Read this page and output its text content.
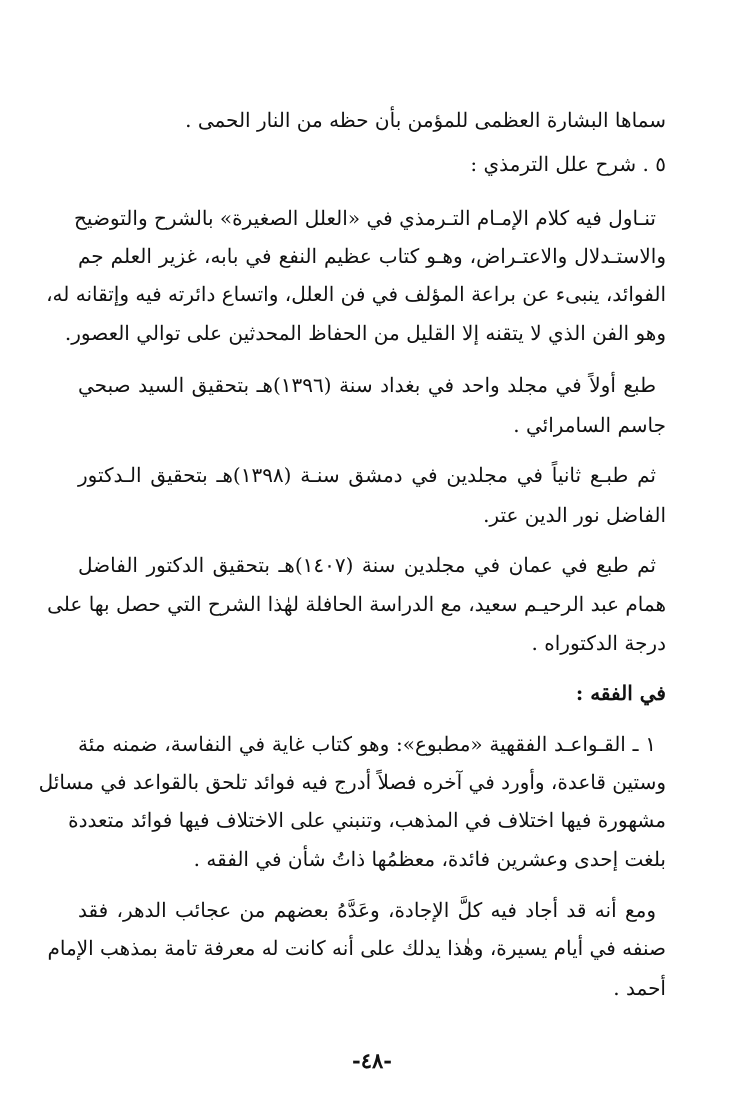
سماها البشارة العظمى للمؤمن بأن حظه من النار الحمى .
٥ . شرح علل الترمذي :
تنـاول فيه كلام الإمـام التـرمذي في «العلل الصغيرة» بالشرح والتوضيح
والاستـدلال والاعتـراض، وهـو كتاب عظيم النفع في بابه، غزير العلم جم
الفوائد، ينبىء عن براعة المؤلف في فن العلل، واتساع دائرته فيه وإتقانه له،
وهو الفن الذي لا يتقنه إلا القليل من الحفاظ المحدثين على توالي العصور.
طبع أولاً في مجلد واحد في بغداد سنة (١٣٩٦)هـ بتحقيق السيد صبحي
جاسم السامرائي .
ثم طبـع ثانياً في مجلدين في دمشق سنـة (١٣٩٨)هـ بتحقيق الـدكتور
الفاضل نور الدين عتر.
ثم طبع في عمان في مجلدين سنة (١٤٠٧)هـ بتحقيق الدكتور الفاضل
همام عبد الرحيـم سعيد، مع الدراسة الحافلة لهٰذا الشرح التي حصل بها على
درجة الدكتوراه .
في الفقه :
١ ـ القـواعـد الفقهية «مطبوع»: وهو كتاب غاية في النفاسة، ضمنه مئة
وستين قاعدة، وأورد في آخره فصلاً أدرج فيه فوائد تلحق بالقواعد في مسائل
مشهورة فيها اختلاف في المذهب، وتنبني على الاختلاف فيها فوائد متعددة
بلغت إحدى وعشرين فائدة، معظمُها ذاتُ شأن في الفقه .
ومع أنه قد أجاد فيه كلَّ الإجادة، وعَدَّهُ بعضهم من عجائب الدهر، فقد
صنفه في أيام يسيرة، وهٰذا يدلك على أنه كانت له معرفة تامة بمذهب الإمام
أحمد .
-٤٨-
